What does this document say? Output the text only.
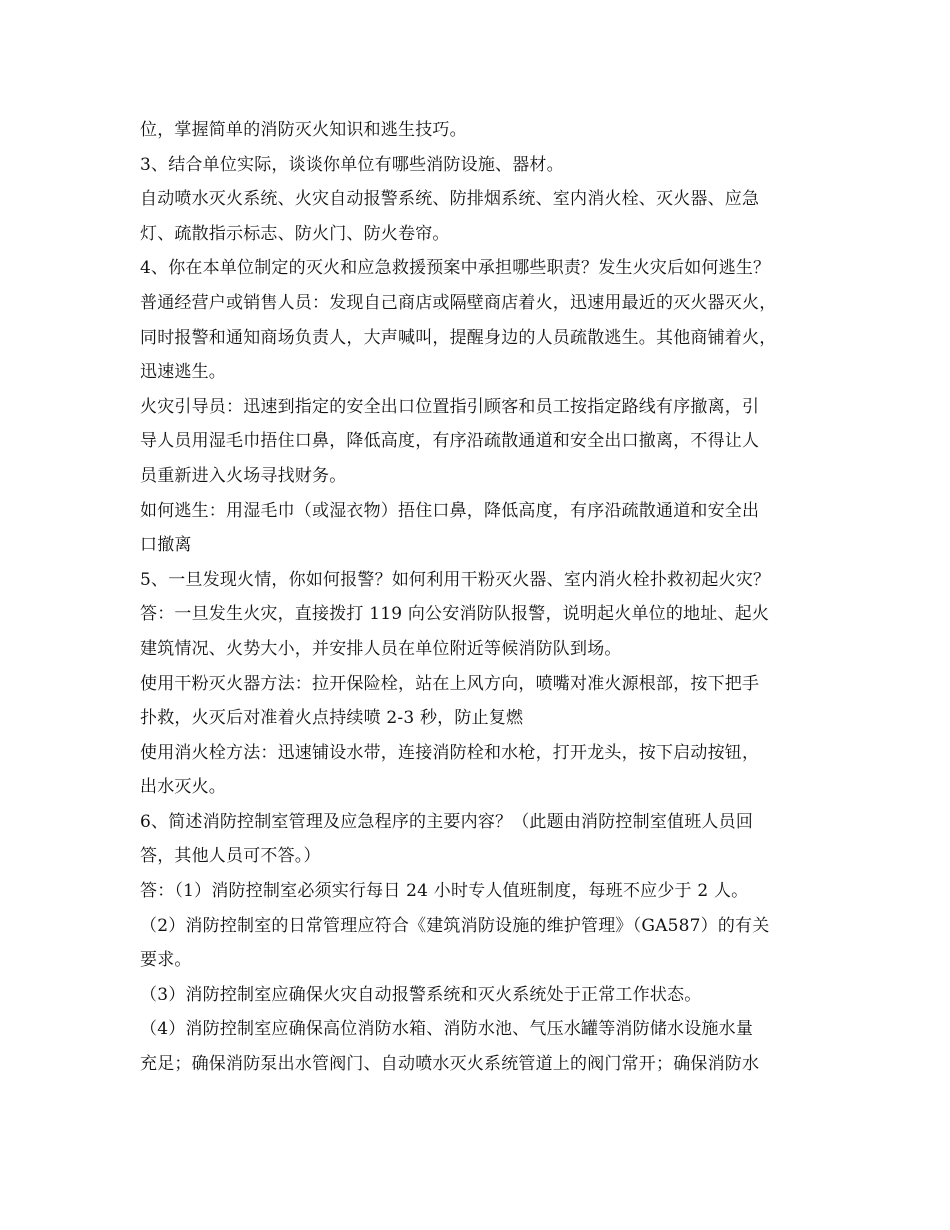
位，掌握简单的消防灭火知识和逃生技巧。
3、结合单位实际，谈谈你单位有哪些消防设施、器材。
自动喷水灭火系统、火灾自动报警系统、防排烟系统、室内消火栓、灭火器、应急
灯、疏散指示标志、防火门、防火卷帘。
4、你在本单位制定的灭火和应急救援预案中承担哪些职责？发生火灾后如何逃生？
普通经营户或销售人员：发现自己商店或隔壁商店着火，迅速用最近的灭火器灭火，
同时报警和通知商场负责人，大声喊叫，提醒身边的人员疏散逃生。其他商铺着火，
迅速逃生。
火灾引导员：迅速到指定的安全出口位置指引顾客和员工按指定路线有序撤离，引
导人员用湿毛巾捂住口鼻，降低高度，有序沿疏散通道和安全出口撤离，不得让人
员重新进入火场寻找财务。
如何逃生：用湿毛巾（或湿衣物）捂住口鼻，降低高度，有序沿疏散通道和安全出
口撤离
5、一旦发现火情，你如何报警？如何利用干粉灭火器、室内消火栓扑救初起火灾？
答：一旦发生火灾，直接拨打 119 向公安消防队报警，说明起火单位的地址、起火
建筑情况、火势大小，并安排人员在单位附近等候消防队到场。
使用干粉灭火器方法：拉开保险栓，站在上风方向，喷嘴对准火源根部，按下把手
扑救，火灭后对准着火点持续喷 2-3 秒，防止复燃
使用消火栓方法：迅速铺设水带，连接消防栓和水枪，打开龙头，按下启动按钮，
出水灭火。
6、简述消防控制室管理及应急程序的主要内容？（此题由消防控制室值班人员回
答，其他人员可不答。）
答：（1）消防控制室必须实行每日 24 小时专人值班制度，每班不应少于 2 人。
（2）消防控制室的日常管理应符合《建筑消防设施的维护管理》（GA587）的有关
要求。
（3）消防控制室应确保火灾自动报警系统和灭火系统处于正常工作状态。
（4）消防控制室应确保高位消防水箱、消防水池、气压水罐等消防储水设施水量
充足；确保消防泵出水管阀门、自动喷水灭火系统管道上的阀门常开；确保消防水
